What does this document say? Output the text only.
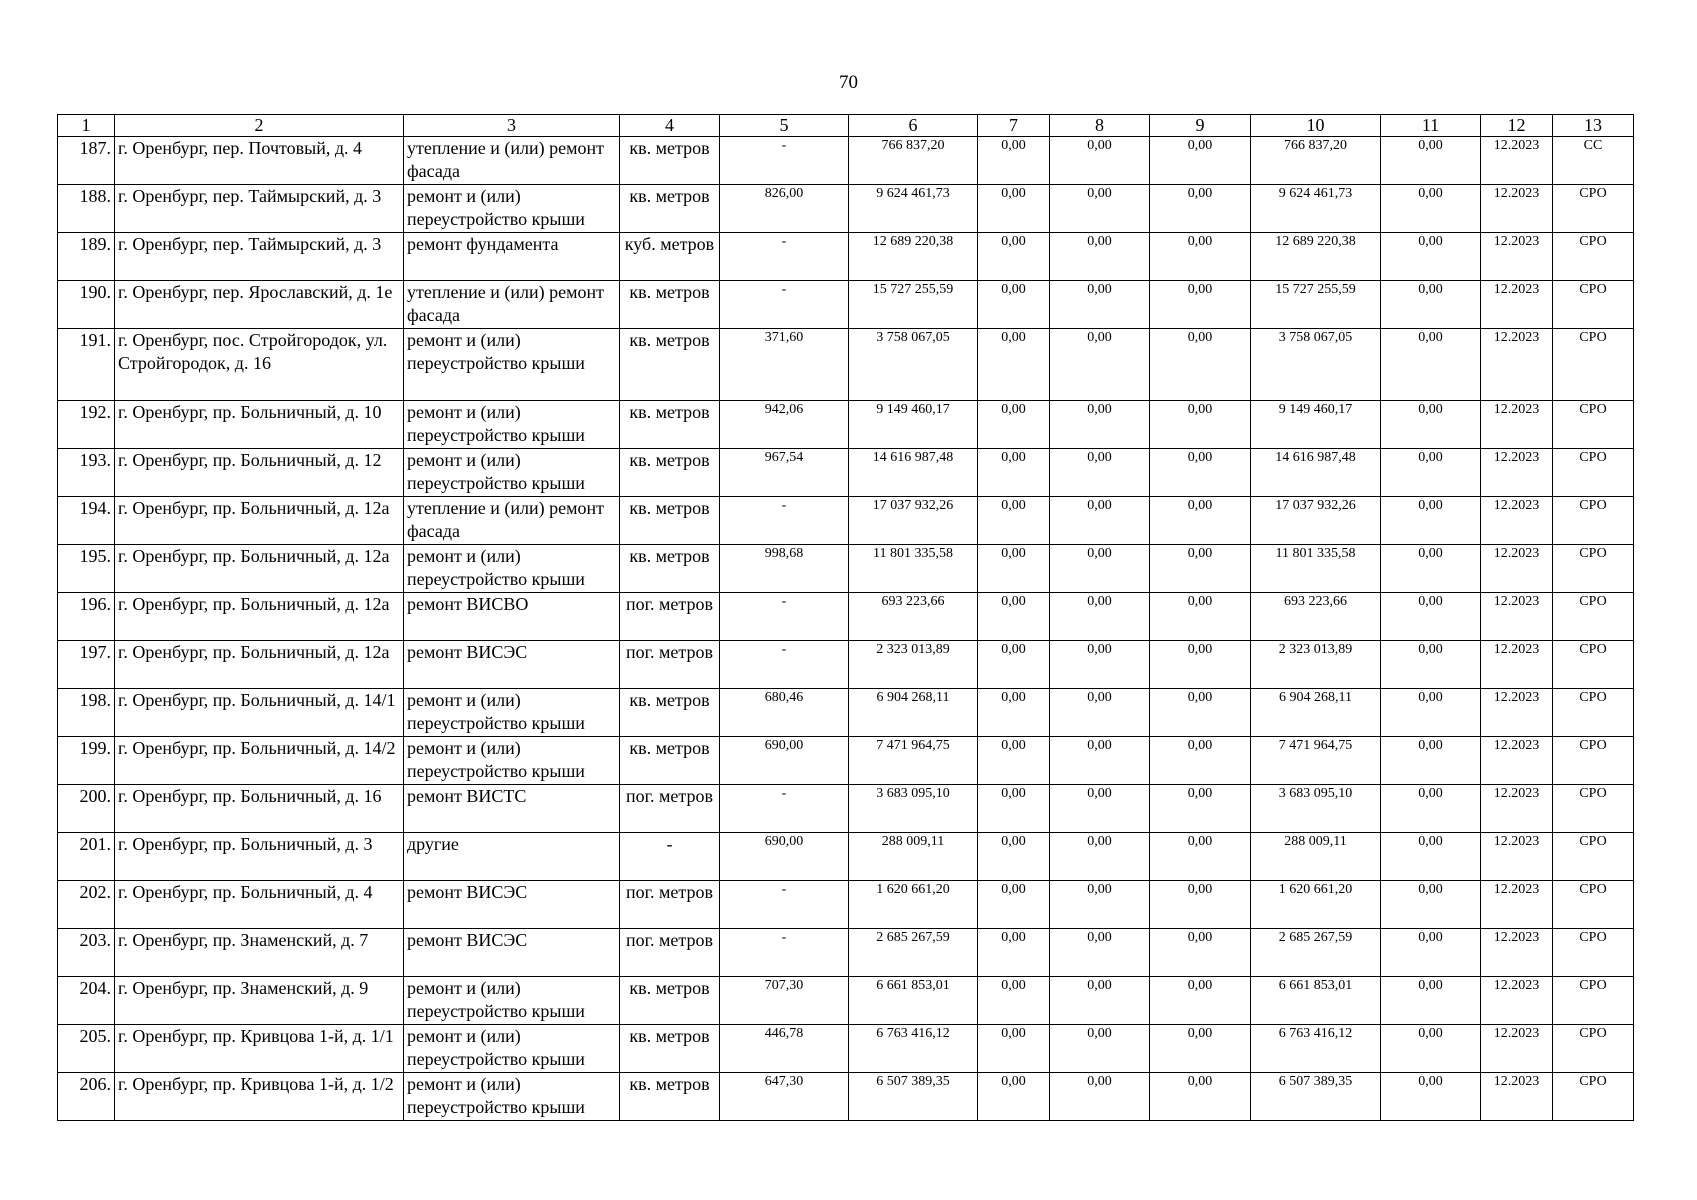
70
1	2	3	4	5	6	7	8	9	10	11	12	13
187.	г. Оренбург, пер. Почтовый, д. 4	утепление и (или) ремонт фасада	кв. метров	-	766 837,20	0,00	0,00	0,00	766 837,20	0,00	12.2023	СС
188.	г. Оренбург, пер. Таймырский, д. 3	ремонт и (или) переустройство крыши	кв. метров	826,00	9 624 461,73	0,00	0,00	0,00	9 624 461,73	0,00	12.2023	СРО
189.	г. Оренбург, пер. Таймырский, д. 3	ремонт фундамента	куб. метров	-	12 689 220,38	0,00	0,00	0,00	12 689 220,38	0,00	12.2023	СРО
190.	г. Оренбург, пер. Ярославский, д. 1е	утепление и (или) ремонт фасада	кв. метров	-	15 727 255,59	0,00	0,00	0,00	15 727 255,59	0,00	12.2023	СРО
191.	г. Оренбург, пос. Стройгородок, ул. Стройгородок, д. 16	ремонт и (или) переустройство крыши	кв. метров	371,60	3 758 067,05	0,00	0,00	0,00	3 758 067,05	0,00	12.2023	СРО
192.	г. Оренбург, пр. Больничный, д. 10	ремонт и (или) переустройство крыши	кв. метров	942,06	9 149 460,17	0,00	0,00	0,00	9 149 460,17	0,00	12.2023	СРО
193.	г. Оренбург, пр. Больничный, д. 12	ремонт и (или) переустройство крыши	кв. метров	967,54	14 616 987,48	0,00	0,00	0,00	14 616 987,48	0,00	12.2023	СРО
194.	г. Оренбург, пр. Больничный, д. 12а	утепление и (или) ремонт фасада	кв. метров	-	17 037 932,26	0,00	0,00	0,00	17 037 932,26	0,00	12.2023	СРО
195.	г. Оренбург, пр. Больничный, д. 12а	ремонт и (или) переустройство крыши	кв. метров	998,68	11 801 335,58	0,00	0,00	0,00	11 801 335,58	0,00	12.2023	СРО
196.	г. Оренбург, пр. Больничный, д. 12а	ремонт ВИСВО	пог. метров	-	693 223,66	0,00	0,00	0,00	693 223,66	0,00	12.2023	СРО
197.	г. Оренбург, пр. Больничный, д. 12а	ремонт ВИСЭС	пог. метров	-	2 323 013,89	0,00	0,00	0,00	2 323 013,89	0,00	12.2023	СРО
198.	г. Оренбург, пр. Больничный, д. 14/1	ремонт и (или) переустройство крыши	кв. метров	680,46	6 904 268,11	0,00	0,00	0,00	6 904 268,11	0,00	12.2023	СРО
199.	г. Оренбург, пр. Больничный, д. 14/2	ремонт и (или) переустройство крыши	кв. метров	690,00	7 471 964,75	0,00	0,00	0,00	7 471 964,75	0,00	12.2023	СРО
200.	г. Оренбург, пр. Больничный, д. 16	ремонт ВИСТС	пог. метров	-	3 683 095,10	0,00	0,00	0,00	3 683 095,10	0,00	12.2023	СРО
201.	г. Оренбург, пр. Больничный, д. 3	другие	-	690,00	288 009,11	0,00	0,00	0,00	288 009,11	0,00	12.2023	СРО
202.	г. Оренбург, пр. Больничный, д. 4	ремонт ВИСЭС	пог. метров	-	1 620 661,20	0,00	0,00	0,00	1 620 661,20	0,00	12.2023	СРО
203.	г. Оренбург, пр. Знаменский, д. 7	ремонт ВИСЭС	пог. метров	-	2 685 267,59	0,00	0,00	0,00	2 685 267,59	0,00	12.2023	СРО
204.	г. Оренбург, пр. Знаменский, д. 9	ремонт и (или) переустройство крыши	кв. метров	707,30	6 661 853,01	0,00	0,00	0,00	6 661 853,01	0,00	12.2023	СРО
205.	г. Оренбург, пр. Кривцова 1-й, д. 1/1	ремонт и (или) переустройство крыши	кв. метров	446,78	6 763 416,12	0,00	0,00	0,00	6 763 416,12	0,00	12.2023	СРО
206.	г. Оренбург, пр. Кривцова 1-й, д. 1/2	ремонт и (или) переустройство крыши	кв. метров	647,30	6 507 389,35	0,00	0,00	0,00	6 507 389,35	0,00	12.2023	СРО
